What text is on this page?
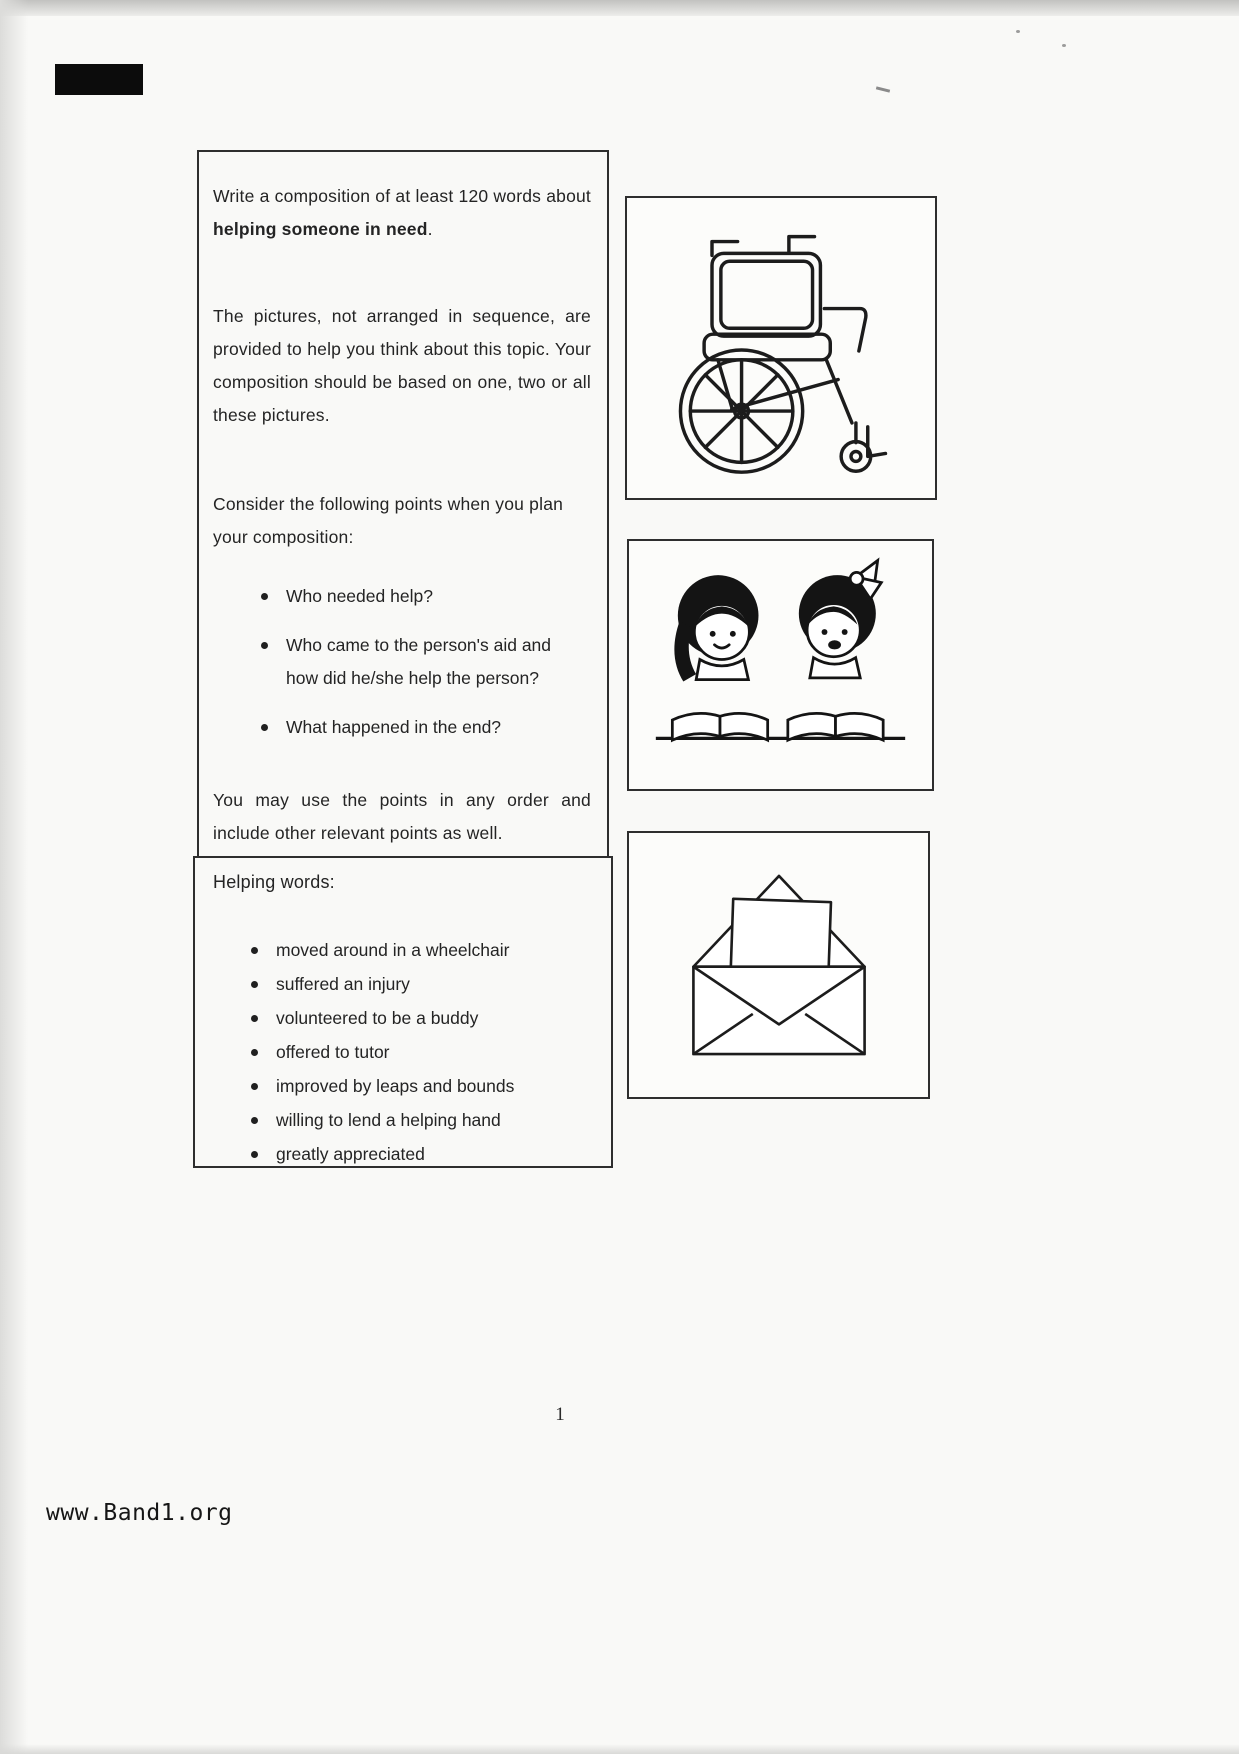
Write a composition of at least 120 words about helping someone in need.

The pictures, not arranged in sequence, are provided to help you think about this topic. Your composition should be based on one, two or all these pictures.

Consider the following points when you plan your composition:

Who needed help?
Who came to the person's aid and how did he/she help the person?
What happened in the end?

You may use the points in any order and include other relevant points as well.

Helping words:

moved around in a wheelchair
suffered an injury
volunteered to be a buddy
offered to tutor
improved by leaps and bounds
willing to lend a helping hand
greatly appreciated
1
www.Band1.org
